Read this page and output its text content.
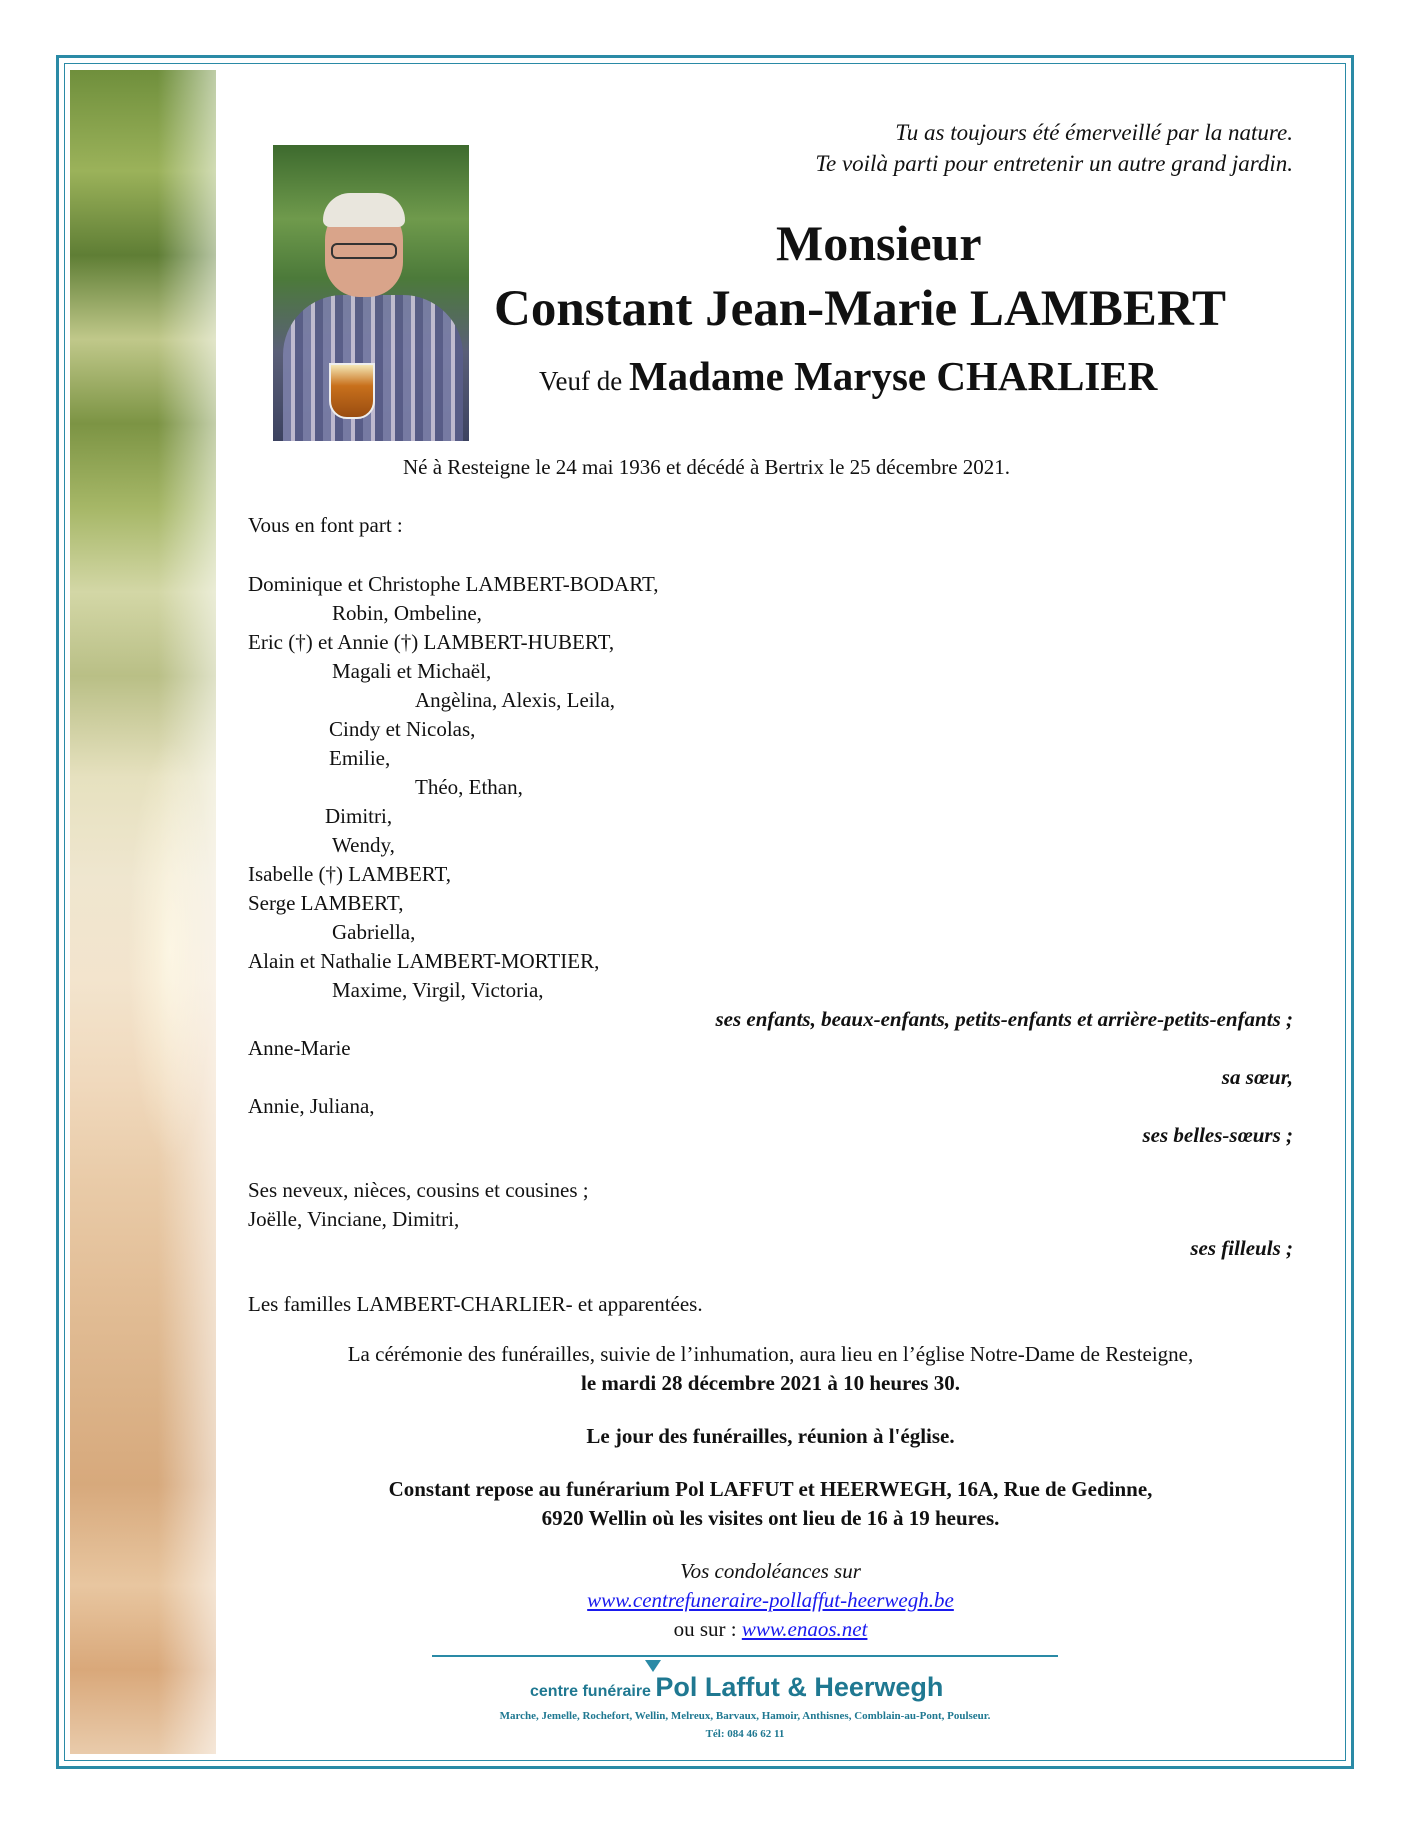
Tu as toujours été émerveillé par la nature.
Te voilà parti pour entretenir un autre grand jardin.
Monsieur
Constant Jean-Marie LAMBERT
Veuf de Madame Maryse CHARLIER
Né à Resteigne le 24 mai 1936 et décédé à Bertrix le 25 décembre 2021.
Vous en font part :
Dominique et Christophe LAMBERT-BODART,
Robin, Ombeline,
Eric (†) et Annie (†) LAMBERT-HUBERT,
Magali et Michaël,
Angèlina, Alexis, Leila,
Cindy et Nicolas,
Emilie,
Théo, Ethan,
Dimitri,
Wendy,
Isabelle (†) LAMBERT,
Serge LAMBERT,
Gabriella,
Alain et Nathalie LAMBERT-MORTIER,
Maxime, Virgil, Victoria,
ses enfants, beaux-enfants, petits-enfants et arrière-petits-enfants ;
Anne-Marie
sa sœur,
Annie, Juliana,
ses belles-sœurs ;
Ses neveux, nièces, cousins et cousines ;
Joëlle, Vinciane, Dimitri,
ses filleuls ;
Les familles LAMBERT-CHARLIER- et apparentées.
La cérémonie des funérailles, suivie de l’inhumation, aura lieu en l’église Notre-Dame de Resteigne,
le mardi 28 décembre 2021 à 10 heures 30.
Le jour des funérailles, réunion à l'église.
Constant repose au funérarium Pol LAFFUT et HEERWEGH, 16A, Rue de Gedinne,
6920 Wellin où les visites ont lieu de 16 à 19 heures.
Vos condoléances sur
www.centrefuneraire-pollaffut-heerwegh.be
ou sur : www.enaos.net
centre funéraire Pol Laffut & Heerwegh
Marche, Jemelle, Rochefort, Wellin, Melreux, Barvaux, Hamoir, Anthisnes, Comblain-au-Pont, Poulseur.
Tél: 084 46 62 11
